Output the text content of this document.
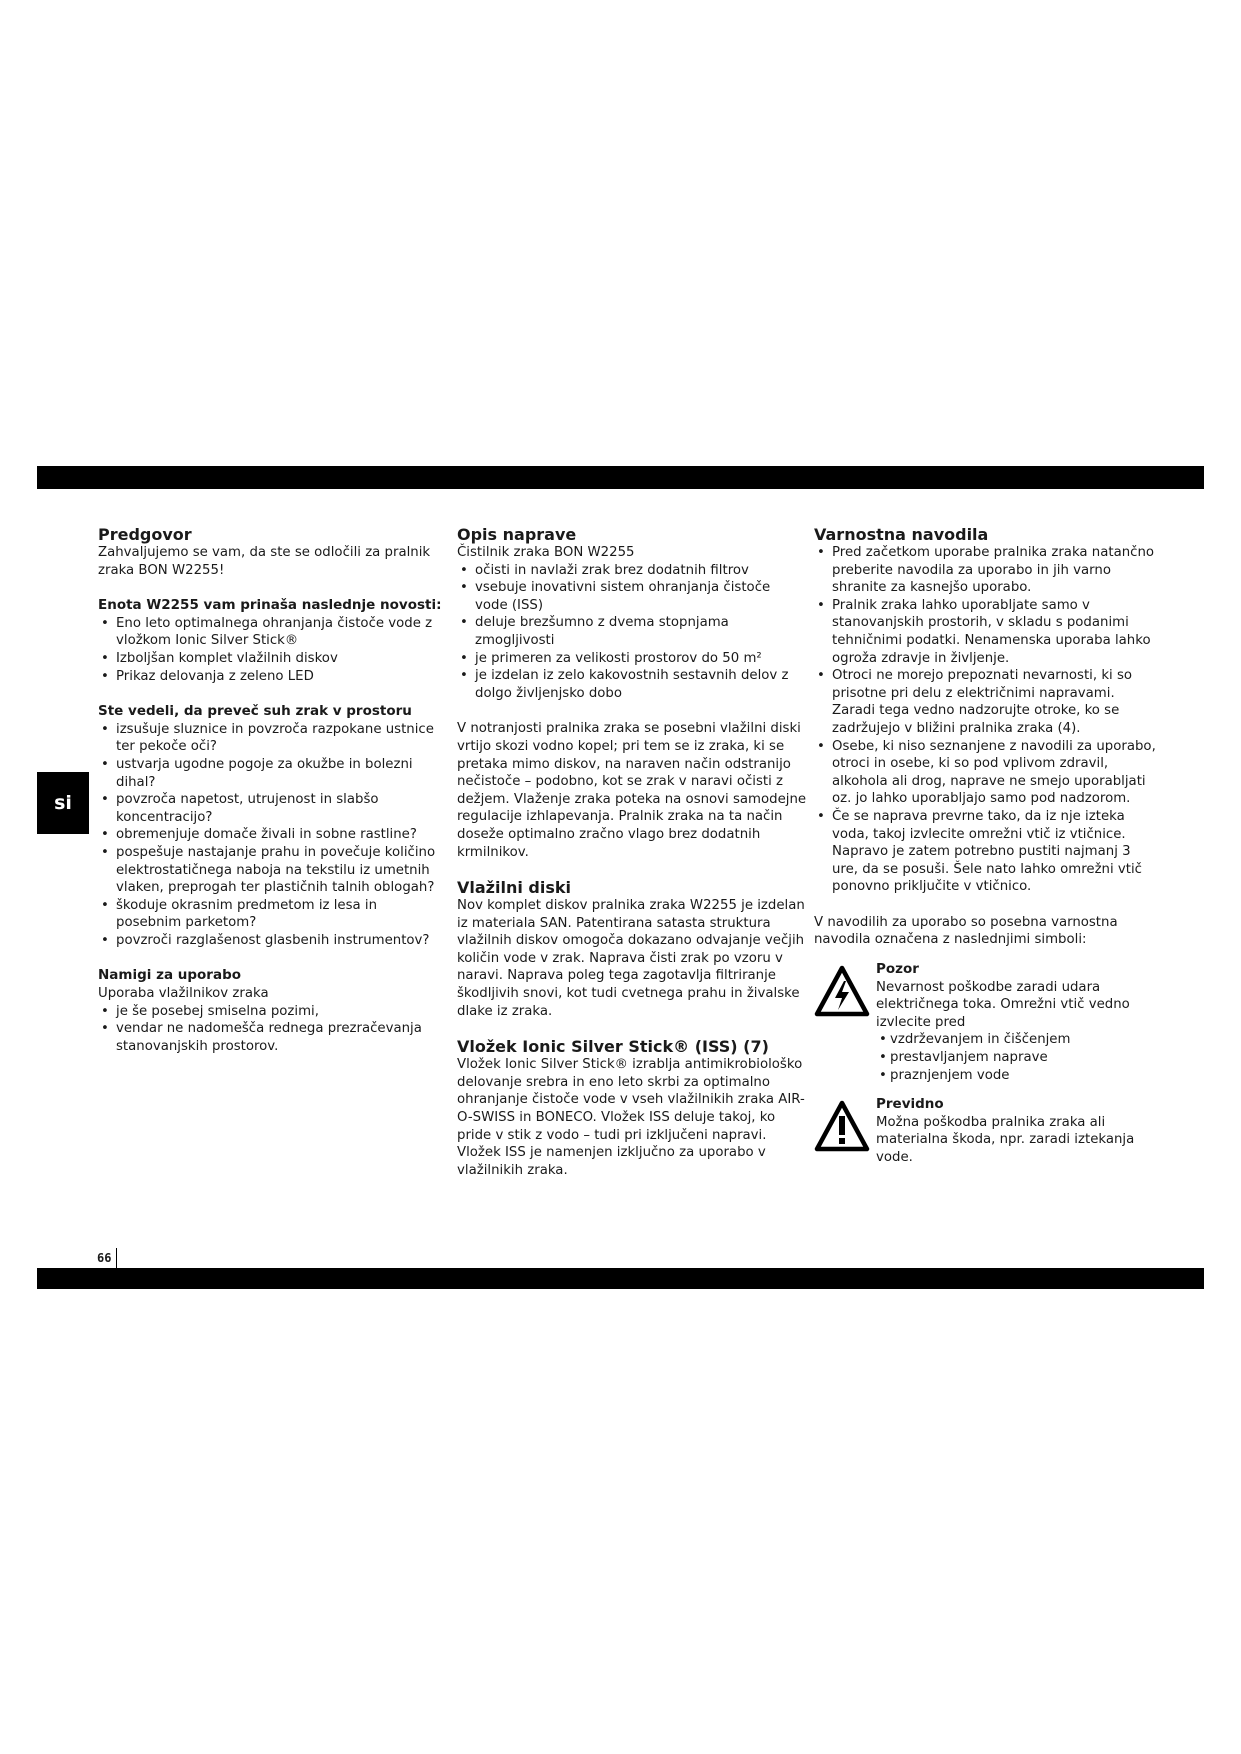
si
Predgovor

Zahvaljujemo se vam, da ste se odločili za pralnik zraka BON W2255!

Enota W2255 vam prinaša naslednje novosti:
• Eno leto optimalnega ohranjanja čistoče vode z vložkom Ionic Silver Stick®
• Izboljšan komplet vlažilnih diskov
• Prikaz delovanja z zeleno LED
Ste vedeli, da preveč suh zrak v prostoru
• izsušuje sluznice in povzroča razpokane ustnice ter pekoče oči?
• ustvarja ugodne pogoje za okužbe in bolezni dihal?
• povzroča napetost, utrujenost in slabšo koncentracijo?
• obremenjuje domače živali in sobne rastline?
• pospešuje nastajanje prahu in povečuje količino elektrostatičnega naboja na tekstilu iz umetnih vlaken, preprogah ter plastičnih talnih oblogah?
• škoduje okrasnim predmetom iz lesa in posebnim parketom?
• povzroči razglašenost glasbenih instrumentov?
Namigi za uporabo

Uporaba vlažilnikov zraka

• je še posebej smiselna pozimi,
• vendar ne nadomešča rednega prezračevanja stanovanjskih prostorov.
Opis naprave

Čistilnik zraka BON W2255

• očisti in navlaži zrak brez dodatnih filtrov
• vsebuje inovativni sistem ohranjanja čistoče vode (ISS)
• deluje brezšumno z dvema stopnjama zmogljivosti
• je primeren za velikosti prostorov do 50 m²
• je izdelan iz zelo kakovostnih sestavnih delov z dolgo življenjsko dobo

V notranjosti pralnika zraka se posebni vlažilni diski vrtijo skozi vodno kopel; pri tem se iz zraka, ki se pretaka mimo diskov, na naraven način odstranijo nečistoče – podobno, kot se zrak v naravi očisti z dežjem. Vlaženje zraka poteka na osnovi samodejne regulacije izhlapevanja. Pralnik zraka na ta način doseže optimalno zračno vlago brez dodatnih krmilnikov.

Vlažilni diski

Nov komplet diskov pralnika zraka W2255 je izdelan iz materiala SAN. Patentirana satasta struktura vlažilnih diskov omogoča dokazano odvajanje večjih količin vode v zrak. Naprava čisti zrak po vzoru v naravi. Naprava poleg tega zagotavlja filtriranje škodljivih snovi, kot tudi cvetnega prahu in živalske dlake iz zraka.

Vložek Ionic Silver Stick® (ISS) (7)

Vložek Ionic Silver Stick® izrablja antimikrobiološko delovanje srebra in eno leto skrbi za optimalno ohranjanje čistoče vode v vseh vlažilnikih zraka AIR-O-SWISS in BONECO. Vložek ISS deluje takoj, ko pride v stik z vodo – tudi pri izključeni napravi. Vložek ISS je namenjen izključno za uporabo v vlažilnikih zraka.

Varnostna navodila
• Pred začetkom uporabe pralnika zraka natančno preberite navodila za uporabo in jih varno shranite za kasnejšo uporabo.
• Pralnik zraka lahko uporabljate samo v stanovanjskih prostorih, v skladu s podanimi tehničnimi podatki. Nenamenska uporaba lahko ogroža zdravje in življenje.
• Otroci ne morejo prepoznati nevarnosti, ki so prisotne pri delu z električnimi napravami. Zaradi tega vedno nadzorujte otroke, ko se zadržujejo v bližini pralnika zraka (4).
• Osebe, ki niso seznanjene z navodili za uporabo, otroci in osebe, ki so pod vplivom zdravil, alkohola ali drog, naprave ne smejo uporabljati oz. jo lahko uporabljajo samo pod nadzorom.
• Če se naprava prevrne tako, da iz nje izteka voda, takoj izvlecite omrežni vtič iz vtičnice. Napravo je zatem potrebno pustiti najmanj 3 ure, da se posuši. Šele nato lahko omrežni vtič ponovno priključite v vtičnico.

V navodilih za uporabo so posebna varnostna navodila označena z naslednjimi simboli:

Pozor

Nevarnost poškodbe zaradi udara električnega toka. Omrežni vtič vedno izvlecite pred

• vzdrževanjem in čiščenjem
• prestavljanjem naprave
• praznjenjem vode
Previdno

Možna poškodba pralnika zraka ali materialna škoda, npr. zaradi iztekanja vode.

66
